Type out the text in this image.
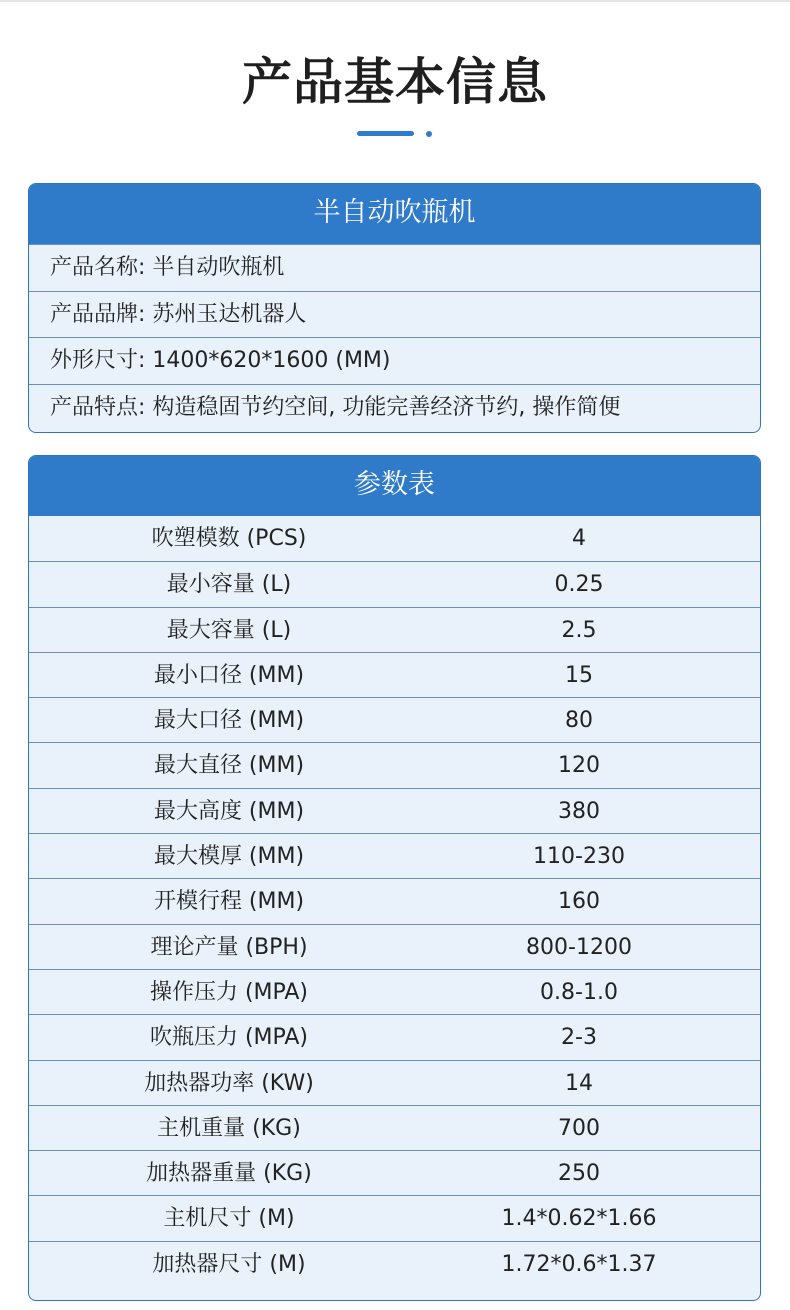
产品基本信息
半自动吹瓶机
产品名称: 半自动吹瓶机
产品品牌: 苏州玉达机器人
外形尺寸: 1400*620*1600 (MM)
产品特点: 构造稳固节约空间, 功能完善经济节约, 操作简便
参数表
吹塑模数 (PCS)	4
最小容量 (L)	0.25
最大容量 (L)	2.5
最小口径 (MM)	15
最大口径 (MM)	80
最大直径 (MM)	120
最大高度 (MM)	380
最大模厚 (MM)	110-230
开模行程 (MM)	160
理论产量 (BPH)	800-1200
操作压力 (MPA)	0.8-1.0
吹瓶压力 (MPA)	2-3
加热器功率 (KW)	14
主机重量 (KG)	700
加热器重量 (KG)	250
主机尺寸 (M)	1.4*0.62*1.66
加热器尺寸 (M)	1.72*0.6*1.37
